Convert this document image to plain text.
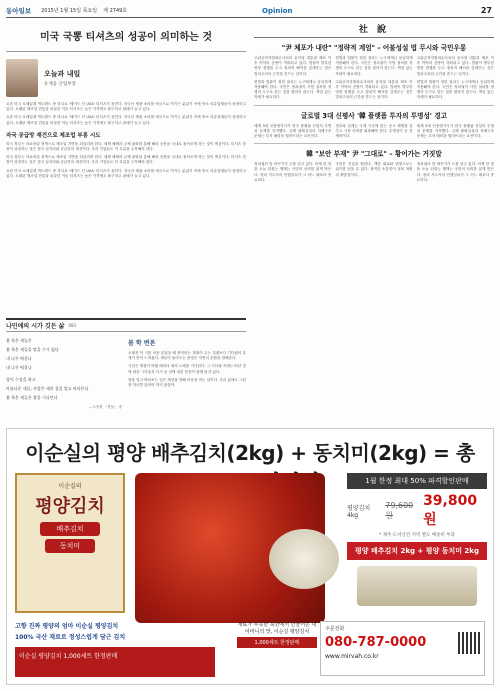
동아일보 2015년 1월 15일 목요일 제 2749호	Opinion	27
미국 국뽕 티셔츠의 성공이 의미하는 것
오늘과 내일
유재웅 산업부장

요즘 미국 소매업계 빅트렌드 중 하나로 '메이드 인 USA' 티셔츠가 꼽힌다. 자국산 제품 소비를 애국으로 여기는 분위기 속에 중소 의류업체들이 성장하고 있다. 오래된 제조업 전통을 되살린 이들 티셔츠는 높은 가격에도 불구하고 판매가 늘고 있다.

요즘 미국 소매업계 빅트렌드 중 하나로 '메이드 인 USA' 티셔츠가 꼽힌다. 자국산 제품 소비를 애국으로 여기는 분위기 속에 중소 의류업체들이 성장하고 있다. 오래된 제조업 전통을 되살린 이들 티셔츠는 높은 가격에도 불구하고 판매가 늘고 있다.

자국 공급망 재건으로 제조업 부흥 시도

미국 정부는 리쇼어링 정책으로 제조업 기반을 되살리려 한다. 세제 혜택과 규제 완화를 통해 해외 공장을 국내로 돌아오게 하는 것이 핵심이다. 티셔츠 한 장이 상징하는 것은 결국 일자리와 공급망의 재건이다. 우리 기업들도 이 흐름을 주목해야 한다.

미국 정부는 리쇼어링 정책으로 제조업 기반을 되살리려 한다. 세제 혜택과 규제 완화를 통해 해외 공장을 국내로 돌아오게 하는 것이 핵심이다. 티셔츠 한 장이 상징하는 것은 결국 일자리와 공급망의 재건이다. 우리 기업들도 이 흐름을 주목해야 한다.

요즘 미국 소매업계 빅트렌드 중 하나로 '메이드 인 USA' 티셔츠가 꼽힌다. 자국산 제품 소비를 애국으로 여기는 분위기 속에 중소 의류업체들이 성장하고 있다. 오래된 제조업 전통을 되살린 이들 티셔츠는 높은 가격에도 불구하고 판매가 늘고 있다.

나민애의 시가 깃든 삶 083

봄 학은 새들은

봄 학은 새들을 맞을 수가 없다

내 나무 떡갈나

내 나무 떡갈나

창이 수장을 하고

아름다운 새들, 사람은 새의 창을 열고 바라본다

봄 학은 새들은 봄을 기다린다

—도종환 「봄날」 중

봄 학 변론

오래전 이 시를 처음 읽었을 때 봄이라는 계절이 주는 설렘보다 기다림의 무게가 먼저 느껴졌다. 새들이 돌아오는 풍경은 자연의 순환을 말해준다.

시인은 계절이 바뀔 때마다 새의 노래를 기다린다. 그 기다림 속에는 떠난 것에 대한 그리움과 다시 올 것에 대한 믿음이 함께 담겨 있다.

창을 열고 바라보는 일은 세상을 향해 마음을 여는 일이다. 우리 삶에도 그런 창 하나쯤 있어야 하지 않을까.

社 說
"尹 체포가 내란" "정략적 계엄" – 어불성설 법 무시와 국민우롱

고위공직자범죄수사처의 윤석열 대통령 체포 이후 여야의 공방이 격화되고 있다. 법원이 발부한 영장 집행을 두고 정치적 해석을 앞세우는 것은 법치주의의 근간을 흔드는 일이다.

헌법과 법률이 정한 절차는 누구에게나 동일하게 적용돼야 한다. 국민은 정치권이 사법 절차를 정쟁의 도구로 삼는 것을 원하지 않는다. 책임 있는 자세가 필요하다.

고위공직자범죄수사처의 윤석열 대통령 체포 이후 여야의 공방이 격화되고 있다. 법원이 발부한 영장 집행을 두고 정치적 해석을 앞세우는 것은 법치주의의 근간을 흔드는 일이다.

헌법과 법률이 정한 절차는 누구에게나 동일하게 적용돼야 한다. 국민은 정치권이 사법 절차를 정쟁의 도구로 삼는 것을 원하지 않는다. 책임 있는 자세가 필요하다.

고위공직자범죄수사처의 윤석열 대통령 체포 이후 여야의 공방이 격화되고 있다. 법원이 발부한 영장 집행을 두고 정치적 해석을 앞세우는 것은 법치주의의 근간을 흔드는 일이다.

헌법과 법률이 정한 절차는 누구에게나 동일하게 적용돼야 한다. 국민은 정치권이 사법 절차를 정쟁의 도구로 삼는 것을 원하지 않는다. 책임 있는 자세가 필요하다.

글로벌 3대 신평사 '韓 플랫폼 투자의 투명성' 경고

세계 3대 신용평가사가 한국 플랫폼 산업의 투명성 문제를 지적했다. 규제 불확실성과 지배구조 문제는 투자 매력을 떨어뜨리는 요인이다.

정부와 업계는 국제 기준에 맞는 공시 체계를 갖추고 시장 신뢰를 회복해야 한다. 투명성이 곧 경쟁력이다.

세계 3대 신용평가사가 한국 플랫폼 산업의 투명성 문제를 지적했다. 규제 불확실성과 지배구조 문제는 투자 매력을 떨어뜨리는 요인이다.

韓 "보안 부재" 尹 "그대로" – 황어가는 거짓말

정치권의 말 바꾸기가 도를 넘고 있다. 어제 한 말을 오늘 뒤집는 행태는 국민의 신뢰를 잃게 만든다. 정치 지도자의 언행일치가 그 어느 때보다 중요하다.

국민은 진실을 원한다. 책임 회피와 변명으로는 위기를 넘을 수 없다. 정직한 소통만이 정치 복원의 출발점이다.

정치권의 말 바꾸기가 도를 넘고 있다. 어제 한 말을 오늘 뒤집는 행태는 국민의 신뢰를 잃게 만든다. 정치 지도자의 언행일치가 그 어느 때보다 중요하다.

이순실의 평양 배추김치(2kg) + 동치미(2kg) = 총
이순실의
평양김치
배추김치
동치미
1월 한정 최대 50% 파격할인판매
평양김치 4kg
79,600원
39,800원
* 제주·도서산간 지역 별도 배송비 부과
평양 배추김치 2kg + 평양 동치미 2kg
고향 진짜 평양의 엄마 이순실 평양김치
100% 국산 재료로 정성스럽게 담근 김치
이순실 평양김치 1,000세트 한정판매
재료가 부족한 북한에서 만들어온 내 어머니의 맛, 이순실 평양김치
1,000세트 한정판매
주문전화
080-787-0000
www.mirvah.co.kr
